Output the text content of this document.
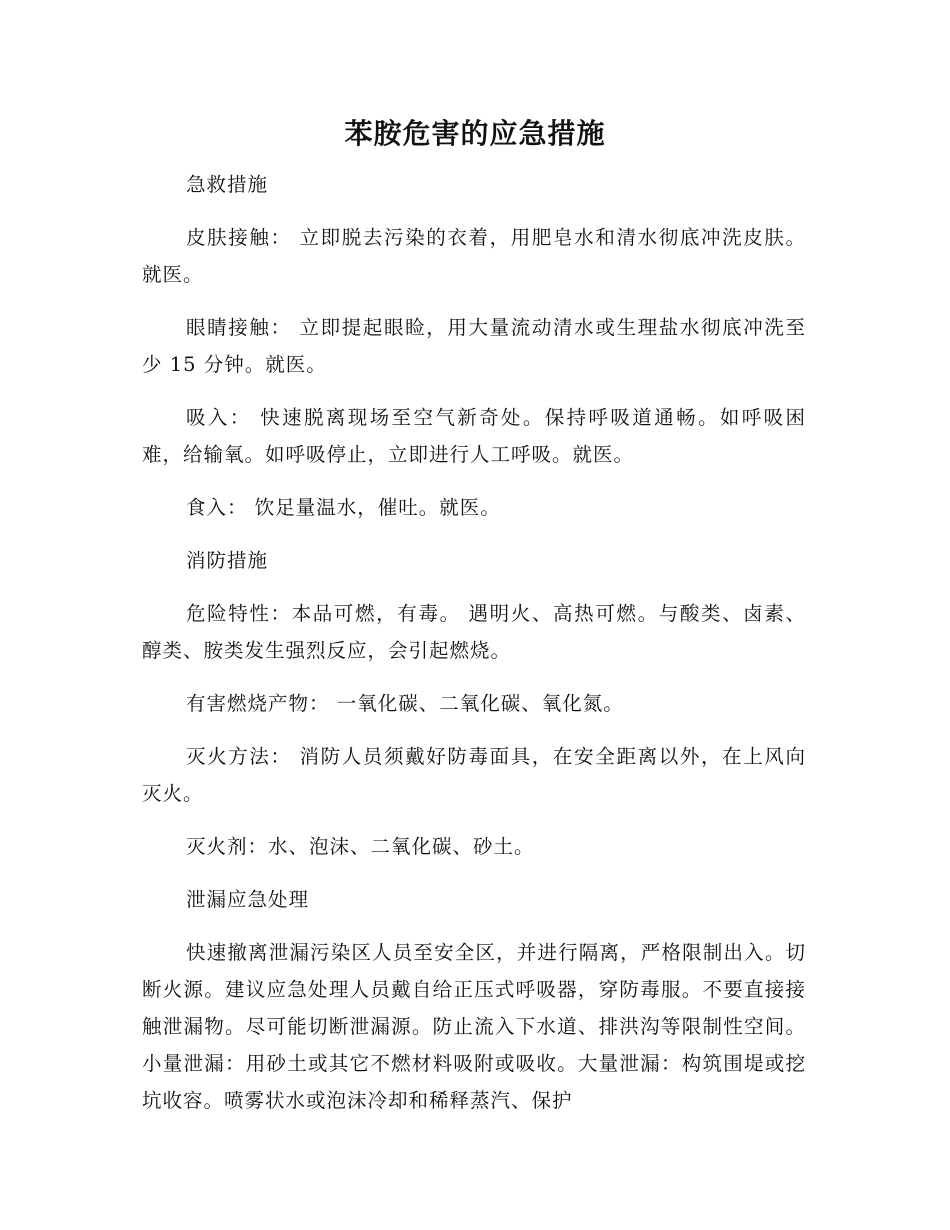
苯胺危害的应急措施

急救措施

皮肤接触： 立即脱去污染的衣着，用肥皂水和清水彻底冲洗皮肤。就医。

眼睛接触： 立即提起眼睑，用大量流动清水或生理盐水彻底冲洗至少 15 分钟。就医。

吸入： 快速脱离现场至空气新奇处。保持呼吸道通畅。如呼吸困难，给输氧。如呼吸停止，立即进行人工呼吸。就医。

食入： 饮足量温水，催吐。就医。

消防措施

危险特性：本品可燃，有毒。 遇明火、高热可燃。与酸类、卤素、醇类、胺类发生强烈反应，会引起燃烧。

有害燃烧产物： 一氧化碳、二氧化碳、氧化氮。

灭火方法： 消防人员须戴好防毒面具，在安全距离以外，在上风向灭火。

灭火剂：水、泡沫、二氧化碳、砂土。

泄漏应急处理

快速撤离泄漏污染区人员至安全区，并进行隔离，严格限制出入。切断火源。建议应急处理人员戴自给正压式呼吸器，穿防毒服。不要直接接触泄漏物。尽可能切断泄漏源。防止流入下水道、排洪沟等限制性空间。小量泄漏：用砂土或其它不燃材料吸附或吸收。大量泄漏：构筑围堤或挖坑收容。喷雾状水或泡沫冷却和稀释蒸汽、保护
